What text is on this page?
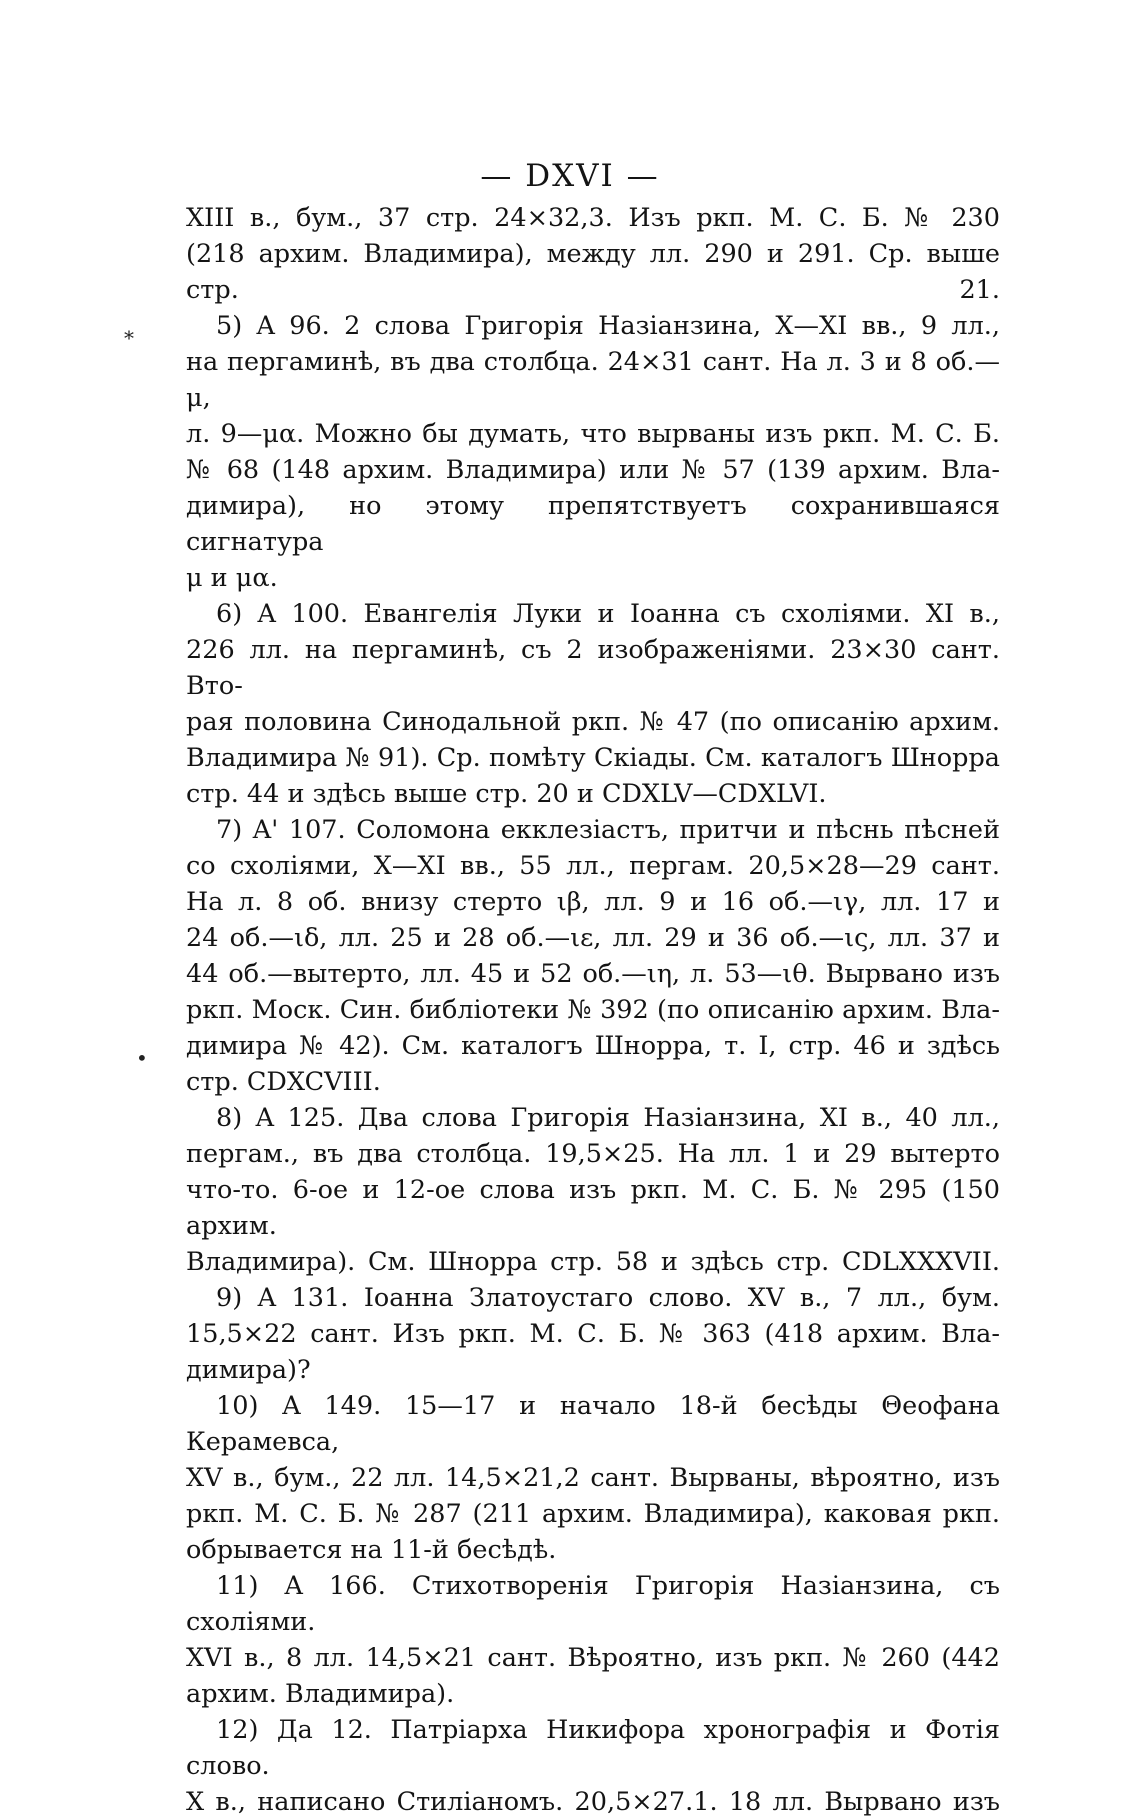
— DXVI —
*
•

XIII в., бум., 37 стр. 24×32,3. Изъ ркп. М. С. Б. № 230

(218 архим. Владимира), между лл. 290 и 291. Ср. выше стр. 21.

5) A 96. 2 слова Григорія Назіанзина, X—XI вв., 9 лл.,

на пергаминѣ, въ два столбца. 24×31 сант. На л. 3 и 8 об.—μ,

л. 9—μα. Можно бы думать, что вырваны изъ ркп. М. С. Б.

№ 68 (148 архим. Владимира) или № 57 (139 архим. Вла-

димира), но этому препятствуетъ сохранившаяся сигнатура

μ и μα.

6) A 100. Евангелія Луки и Іоанна съ схоліями. XI в.,

226 лл. на пергаминѣ, съ 2 изображеніями. 23×30 сант. Вто-

рая половина Синодальной ркп. № 47 (по описанію архим.

Владимира № 91). Ср. помѣту Скіады. См. каталогъ Шнорра

стр. 44 и здѣсь выше стр. 20 и CDXLV—CDXLVI.

7) A' 107. Соломона екклезіастъ, притчи и пѣснь пѣсней

со схоліями, X—XI вв., 55 лл., пергам. 20,5×28—29 сант.

На л. 8 об. внизу стерто ιβ, лл. 9 и 16 об.—ιγ, лл. 17 и

24 об.—ιδ, лл. 25 и 28 об.—ιε, лл. 29 и 36 об.—ις, лл. 37 и

44 об.—вытерто, лл. 45 и 52 об.—ιη, л. 53—ιθ. Вырвано изъ

ркп. Моск. Син. библіотеки № 392 (по описанію архим. Вла-

димира № 42). См. каталогъ Шнорра, т. I, стр. 46 и здѣсь

стр. CDXCVIII.

8) A 125. Два слова Григорія Назіанзина, XI в., 40 лл.,

пергам., въ два столбца. 19,5×25. На лл. 1 и 29 вытерто

что-то. 6-ое и 12-ое слова изъ ркп. М. С. Б. № 295 (150 архим.

Владимира). См. Шнорра стр. 58 и здѣсь стр. CDLXXXVII.

9) A 131. Іоанна Златоустаго слово. XV в., 7 лл., бум.

15,5×22 сант. Изъ ркп. М. С. Б. № 363 (418 архим. Вла-

димира)?

10) A 149. 15—17 и начало 18-й бесѣды Θеофана Керамевса,

XV в., бум., 22 лл. 14,5×21,2 сант. Вырваны, вѣроятно, изъ

ркп. М. С. Б. № 287 (211 архим. Владимира), каковая ркп.

обрывается на 11-й бесѣдѣ.

11) A 166. Стихотворенія Григорія Назіанзина, съ схоліями.

XVI в., 8 лл. 14,5×21 сант. Вѣроятно, изъ ркп. № 260 (442

архим. Владимира).

12) Да 12. Патріарха Никифора хронографія и Фотія слово.

X в., написано Стиліаномъ. 20,5×27.1. 18 лл. Вырвано изъ
